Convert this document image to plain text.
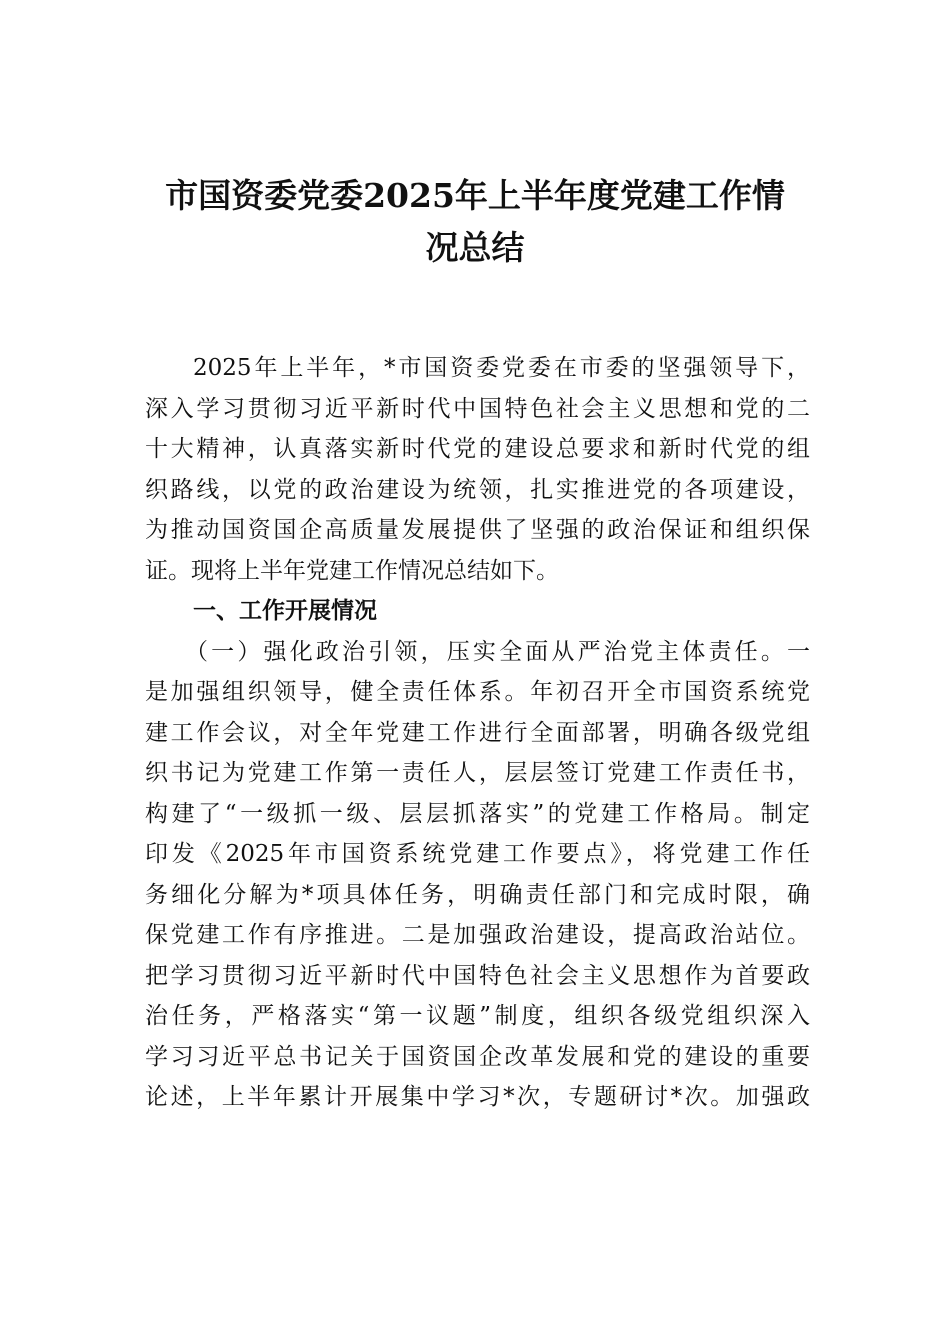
市国资委党委2025年上半年度党建工作情
况总结
2025年上半年，*市国资委党委在市委的坚强领导下，
深入学习贯彻习近平新时代中国特色社会主义思想和党的二
十大精神，认真落实新时代党的建设总要求和新时代党的组
织路线，以党的政治建设为统领，扎实推进党的各项建设，
为推动国资国企高质量发展提供了坚强的政治保证和组织保
证。现将上半年党建工作情况总结如下。
一、工作开展情况
（一）强化政治引领，压实全面从严治党主体责任。一
是加强组织领导，健全责任体系。年初召开全市国资系统党
建工作会议，对全年党建工作进行全面部署，明确各级党组
织书记为党建工作第一责任人，层层签订党建工作责任书，
构建了“一级抓一级、层层抓落实”的党建工作格局。制定
印发《2025年市国资系统党建工作要点》，将党建工作任
务细化分解为*项具体任务，明确责任部门和完成时限，确
保党建工作有序推进。二是加强政治建设，提高政治站位。
把学习贯彻习近平新时代中国特色社会主义思想作为首要政
治任务，严格落实“第一议题”制度，组织各级党组织深入
学习习近平总书记关于国资国企改革发展和党的建设的重要
论述，上半年累计开展集中学习*次，专题研讨*次。加强政
